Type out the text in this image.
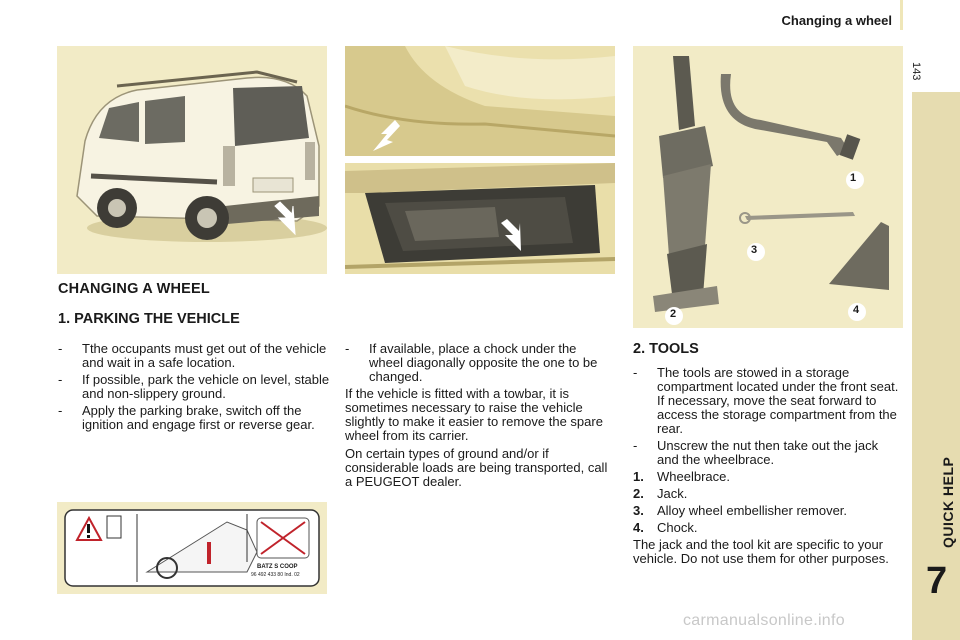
Changing a wheel
143
QUICK HELP
7
1
2
3
4
CHANGING A WHEEL
1. PARKING THE VEHICLE
- Tthe occupants must get out of the vehicle and wait in a safe location.
- If possible, park the vehicle on level, stable and non-slippery ground.
- Apply the parking brake, switch off the ignition and engage first or reverse gear.
- If available, place a chock under the wheel diagonally opposite the one to be changed.
If the vehicle is fitted with a towbar, it is sometimes necessary to raise the vehicle slightly to make it easier to remove the spare wheel from its carrier.
On certain types of ground and/or if considerable loads are being transported, call a PEUGEOT dealer.
2. TOOLS
- The tools are stowed in a storage compartment located under the front seat. If necessary, move the seat forward to access the storage compartment from the rear.
- Unscrew the nut then take out the jack and the wheelbrace.
1. Wheelbrace.
2. Jack.
3. Alloy wheel embellisher remover.
4. Chock.
The jack and the tool kit are specific to your vehicle. Do not use them for other purposes.
BATZ S COOP
96 492 433 80 Ind. 02
carmanualsonline.info
